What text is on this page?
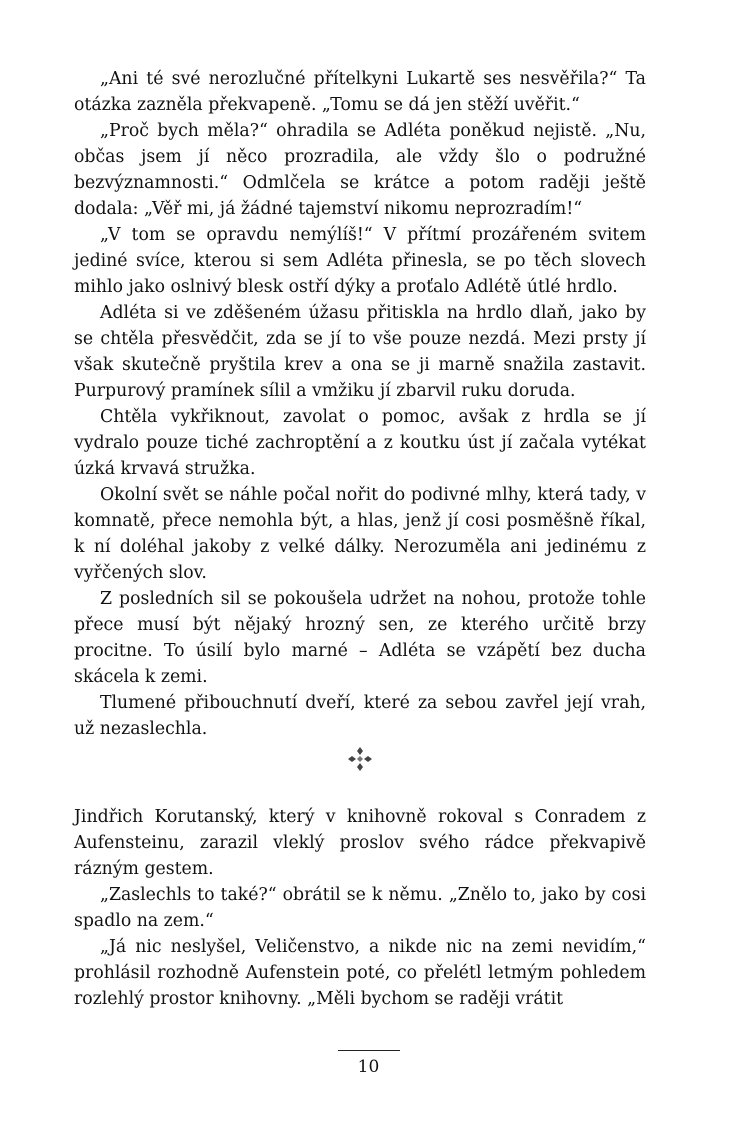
„Ani té své nerozlučné přítelkyni Lukartě ses nesvěřila?“ Ta otázka zazněla překvapeně. „Tomu se dá jen stěží uvěřit.“

„Proč bych měla?“ ohradila se Adléta poněkud nejistě. „Nu, občas jsem jí něco prozradila, ale vždy šlo o podružné bezvýznamnosti.“ Odmlčela se krátce a potom raději ještě dodala: „Věř mi, já žádné tajemství nikomu neprozradím!“

„V tom se opravdu nemýlíš!“ V přítmí prozářeném svitem jediné svíce, kterou si sem Adléta přinesla, se po těch slovech mihlo jako oslnivý blesk ostří dýky a proťalo Adlétě útlé hrdlo.

Adléta si ve zděšeném úžasu přitiskla na hrdlo dlaň, jako by se chtěla přesvědčit, zda se jí to vše pouze nezdá. Mezi prsty jí však skutečně pryštila krev a ona se ji marně snažila zastavit. Purpurový pramínek sílil a vmžiku jí zbarvil ruku doruda.

Chtěla vykřiknout, zavolat o pomoc, avšak z hrdla se jí vydralo pouze tiché zachroptění a z koutku úst jí začala vytékat úzká krvavá stružka.

Okolní svět se náhle počal nořit do podivné mlhy, která tady, v komnatě, přece nemohla být, a hlas, jenž jí cosi posměšně říkal, k ní doléhal jakoby z velké dálky. Nerozuměla ani jedinému z vyřčených slov.

Z posledních sil se pokoušela udržet na nohou, protože tohle přece musí být nějaký hrozný sen, ze kterého určitě brzy procitne. To úsilí bylo marné – Adléta se vzápětí bez ducha skácela k zemi.

Tlumené přibouchnutí dveří, které za sebou zavřel její vrah, už nezaslechla.

Jindřich Korutanský, který v knihovně rokoval s Conradem z Aufensteinu, zarazil vleklý proslov svého rádce překvapivě rázným gestem.

„Zaslechls to také?“ obrátil se k němu. „Znělo to, jako by cosi spadlo na zem.“

„Já nic neslyšel, Veličenstvo, a nikde nic na zemi nevidím,“ prohlásil rozhodně Aufenstein poté, co přelétl letmým pohledem rozlehlý prostor knihovny. „Měli bychom se raději vrátit

10
